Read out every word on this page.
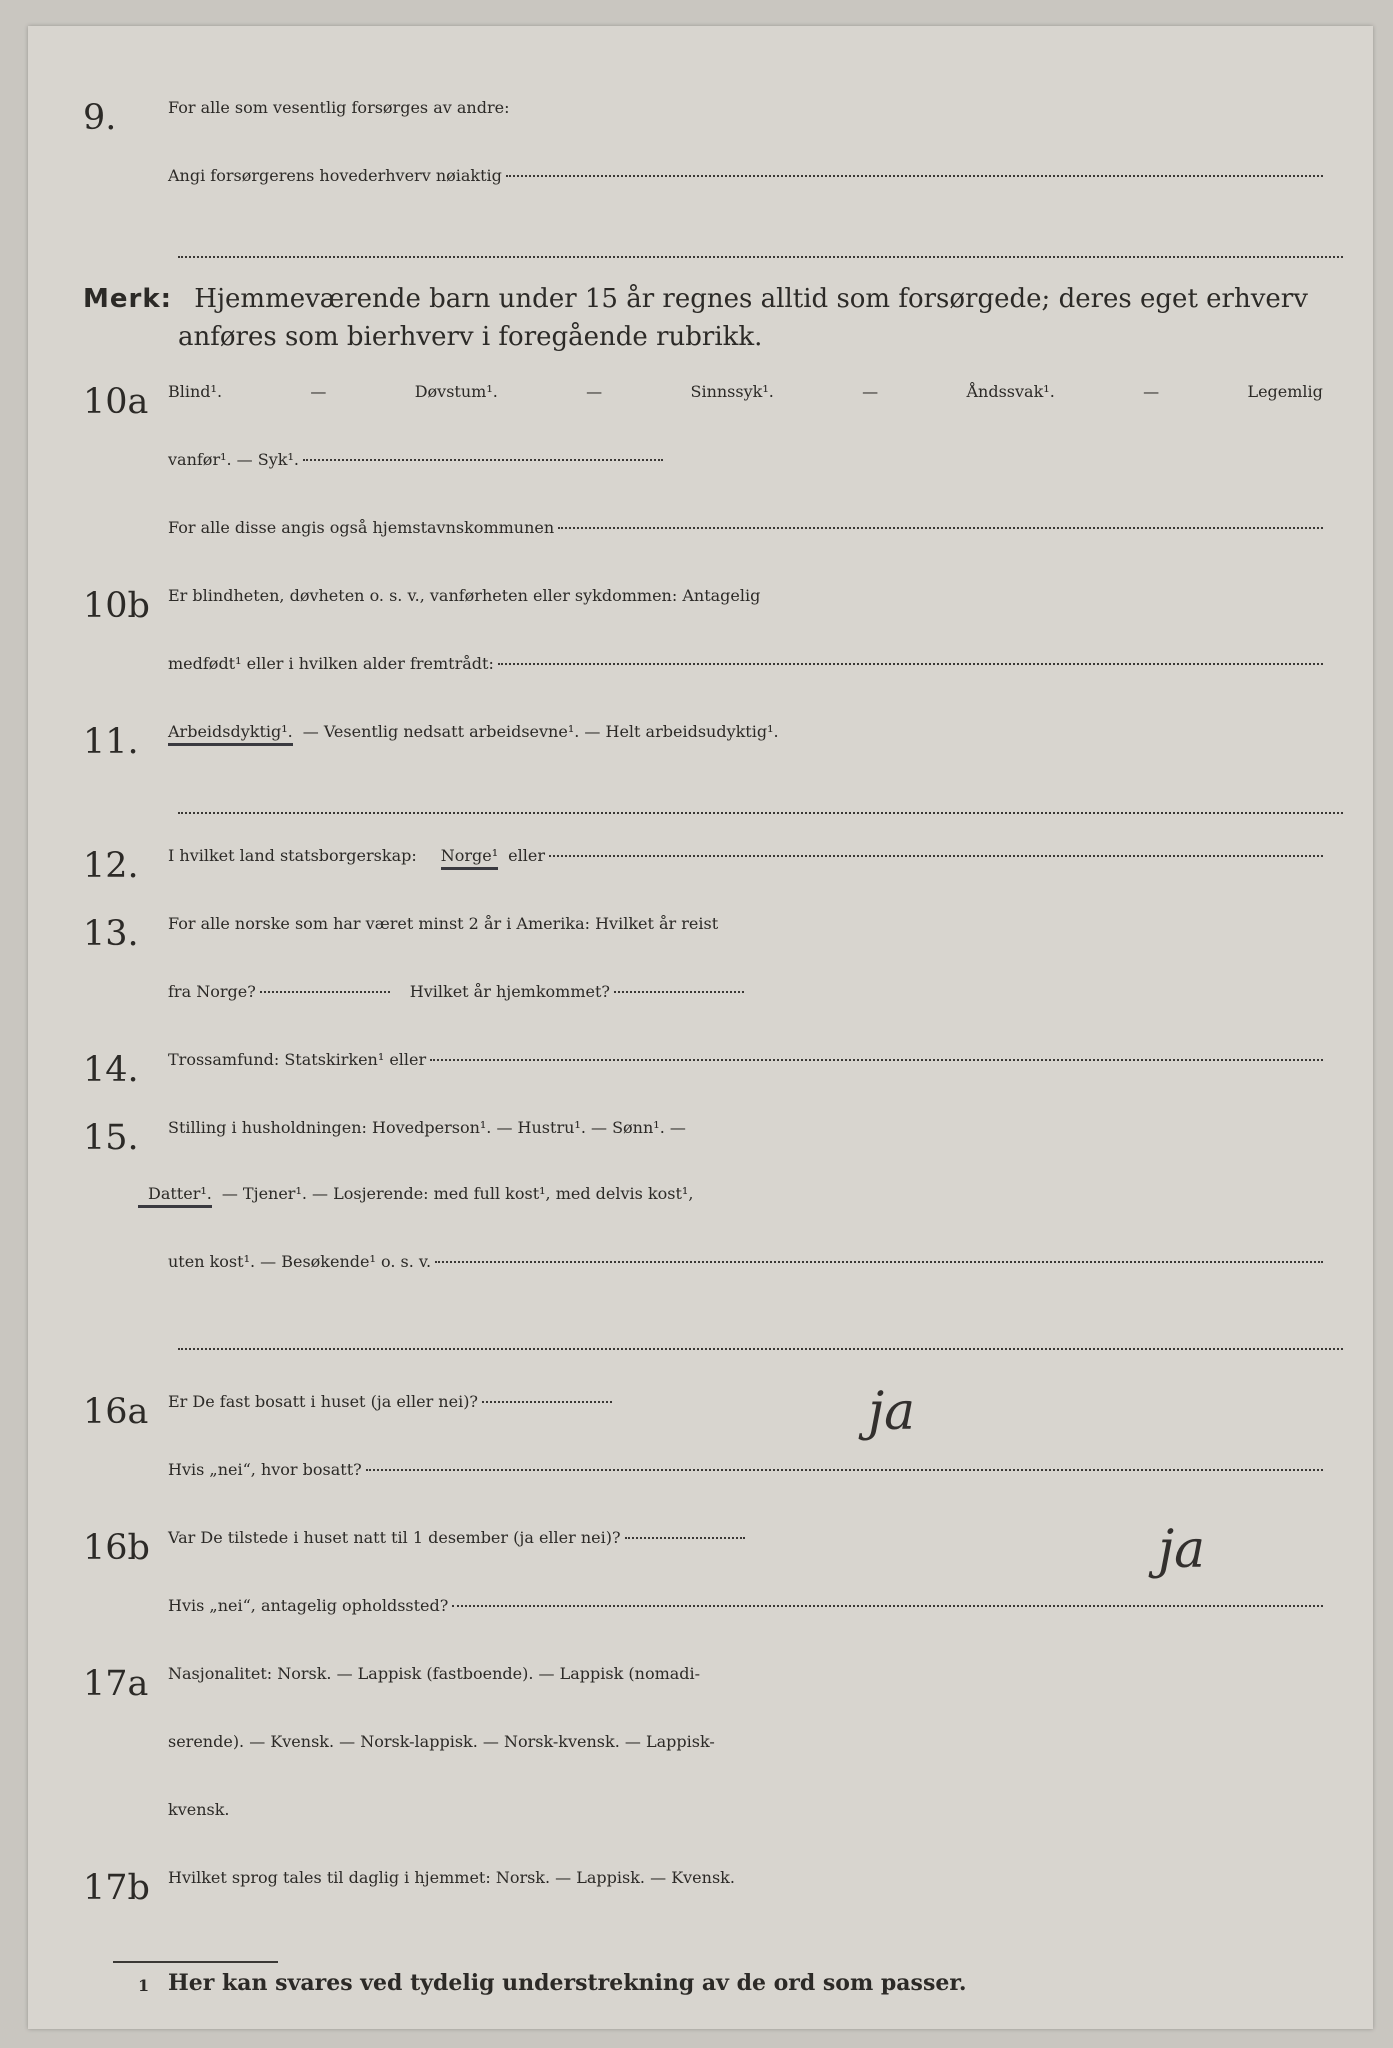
9.	For alle som vesentlig forsørges av andre:
Angi forsørgerens hovederhverv nøiaktig
Merk: Hjemmeværende barn under 15 år regnes alltid som forsørgede; deres eget erhverv
anføres som bierhverv i foregående rubrikk.
10a Blind¹.	—	Døvstum¹.	—	Sinnssyk¹.	—	Åndssvak¹.	—	Legemlig
vanfør¹. — Syk¹.
For alle disse angis også hjemstavnskommunen
10b Er blindheten, døvheten o. s. v., vanførheten eller sykdommen: Antagelig
medfødt¹ eller i hvilken alder fremtrådt:
11. Arbeidsdyktig¹. — Vesentlig nedsatt arbeidsevne¹. — Helt arbeidsudyktig¹.
12. I hvilket land statsborgerskap: Norge¹ eller
13. For alle norske som har været minst 2 år i Amerika: Hvilket år reist
fra Norge?	Hvilket år hjemkommet?
14. Trossamfund: Statskirken¹ eller
15. Stilling i husholdningen: Hovedperson¹. — Hustru¹. — Sønn¹. —
Datter¹. — Tjener¹. — Losjerende: med full kost¹, med delvis kost¹,
uten kost¹. — Besøkende¹ o. s. v.
16a Er De fast bosatt i huset (ja eller nei)?	ja
Hvis „nei“, hvor bosatt?
16b Var De tilstede i huset natt til 1 desember (ja eller nei)?	ja
Hvis „nei“, antagelig opholdssted?
17a Nasjonalitet: Norsk. — Lappisk (fastboende). — Lappisk (nomadi-
serende). — Kvensk. — Norsk-lappisk. — Norsk-kvensk. — Lappisk-
kvensk.
17b Hvilket sprog tales til daglig i hjemmet: Norsk. — Lappisk. — Kvensk.
1 Her kan svares ved tydelig understrekning av de ord som passer.
